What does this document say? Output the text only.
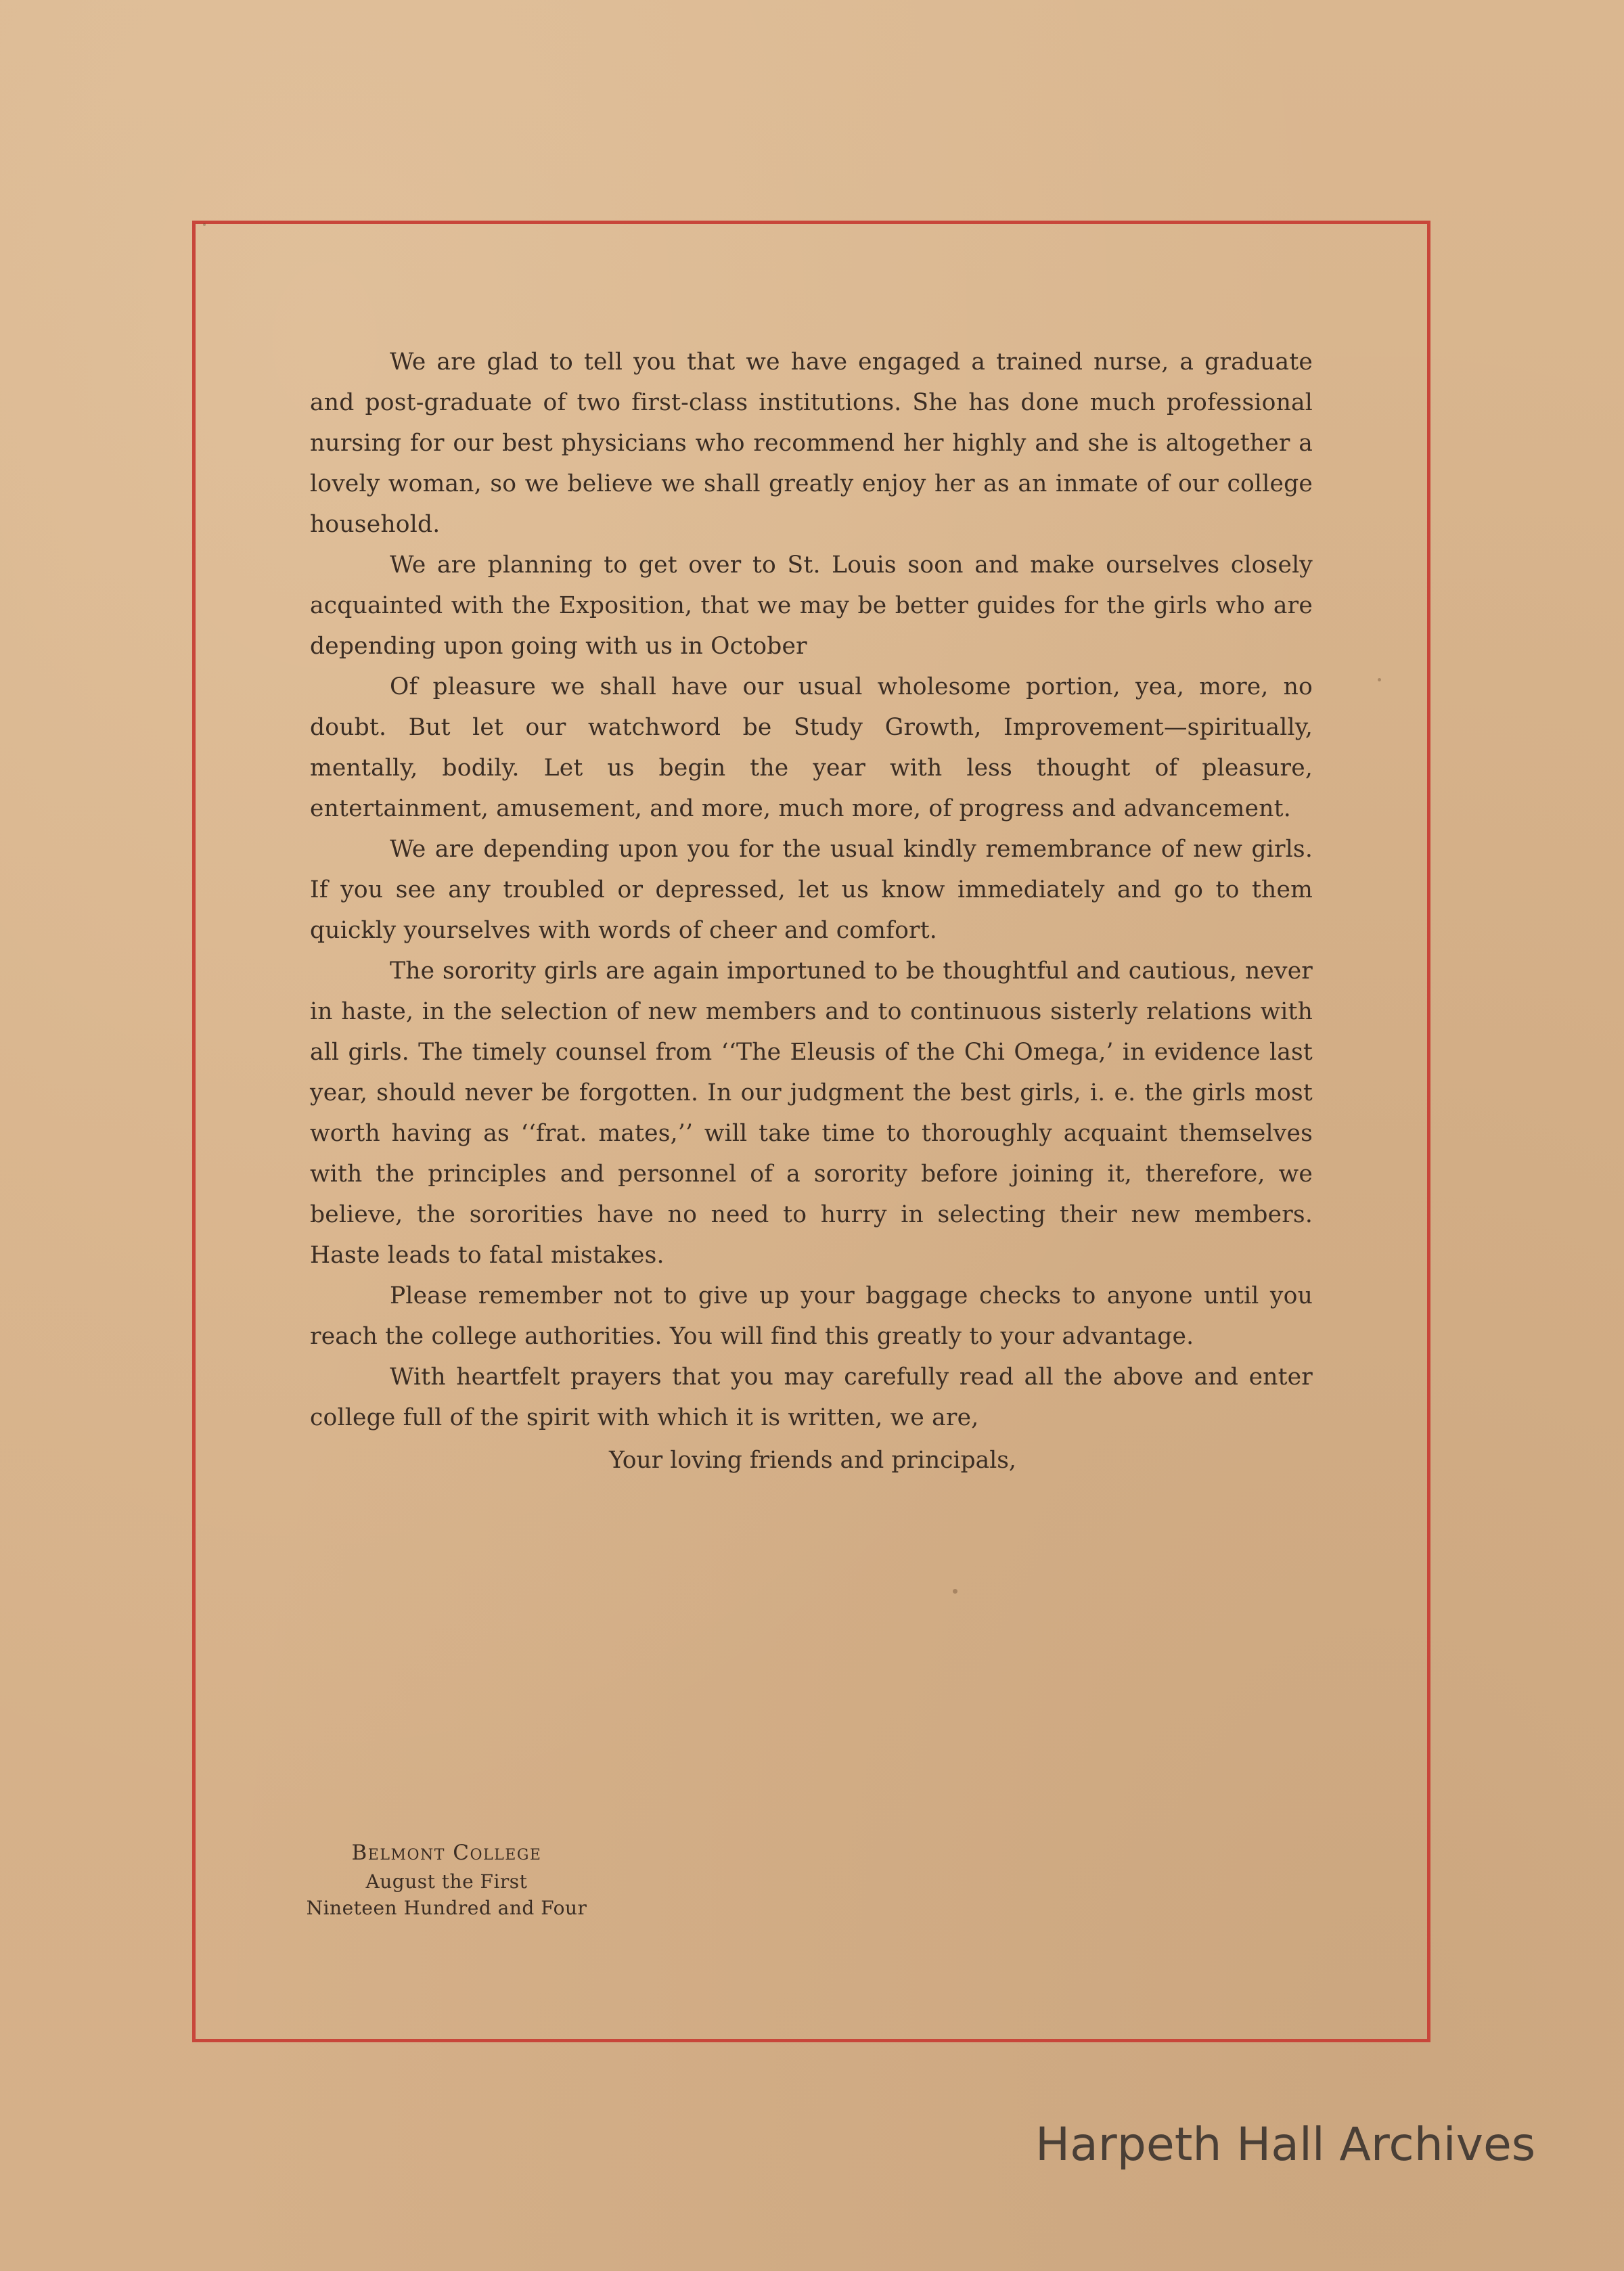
We are glad to tell you that we have engaged a trained nurse, a graduate and post-graduate of two first-class institutions. She has done much professional nursing for our best physicians who recommend her highly and she is altogether a lovely woman, so we believe we shall greatly enjoy her as an inmate of our college household.

We are planning to get over to St. Louis soon and make ourselves closely acquainted with the Exposition, that we may be better guides for the girls who are depending upon going with us in October

Of pleasure we shall have our usual wholesome portion, yea, more, no doubt. But let our watchword be Study Growth, Improvement—spiritually, mentally, bodily. Let us begin the year with less thought of pleasure, entertainment, amusement, and more, much more, of progress and advancement.

We are depending upon you for the usual kindly remembrance of new girls. If you see any troubled or depressed, let us know immediately and go to them quickly yourselves with words of cheer and comfort.

The sorority girls are again importuned to be thoughtful and cautious, never in haste, in the selection of new members and to continuous sisterly relations with all girls. The timely counsel from ‘‘The Eleusis of the Chi Omega,’ in evidence last year, should never be forgotten. In our judgment the best girls, i. e. the girls most worth having as ‘‘frat. mates,’’ will take time to thoroughly acquaint themselves with the principles and personnel of a sorority before joining it, therefore, we believe, the sororities have no need to hurry in selecting their new members. Haste leads to fatal mistakes.

Please remember not to give up your baggage checks to anyone until you reach the college authorities. You will find this greatly to your advantage.

With heartfelt prayers that you may carefully read all the above and enter college full of the spirit with which it is written, we are,

Your loving friends and principals,
Belmont College
August the First
Nineteen Hundred and Four
Harpeth Hall Archives
